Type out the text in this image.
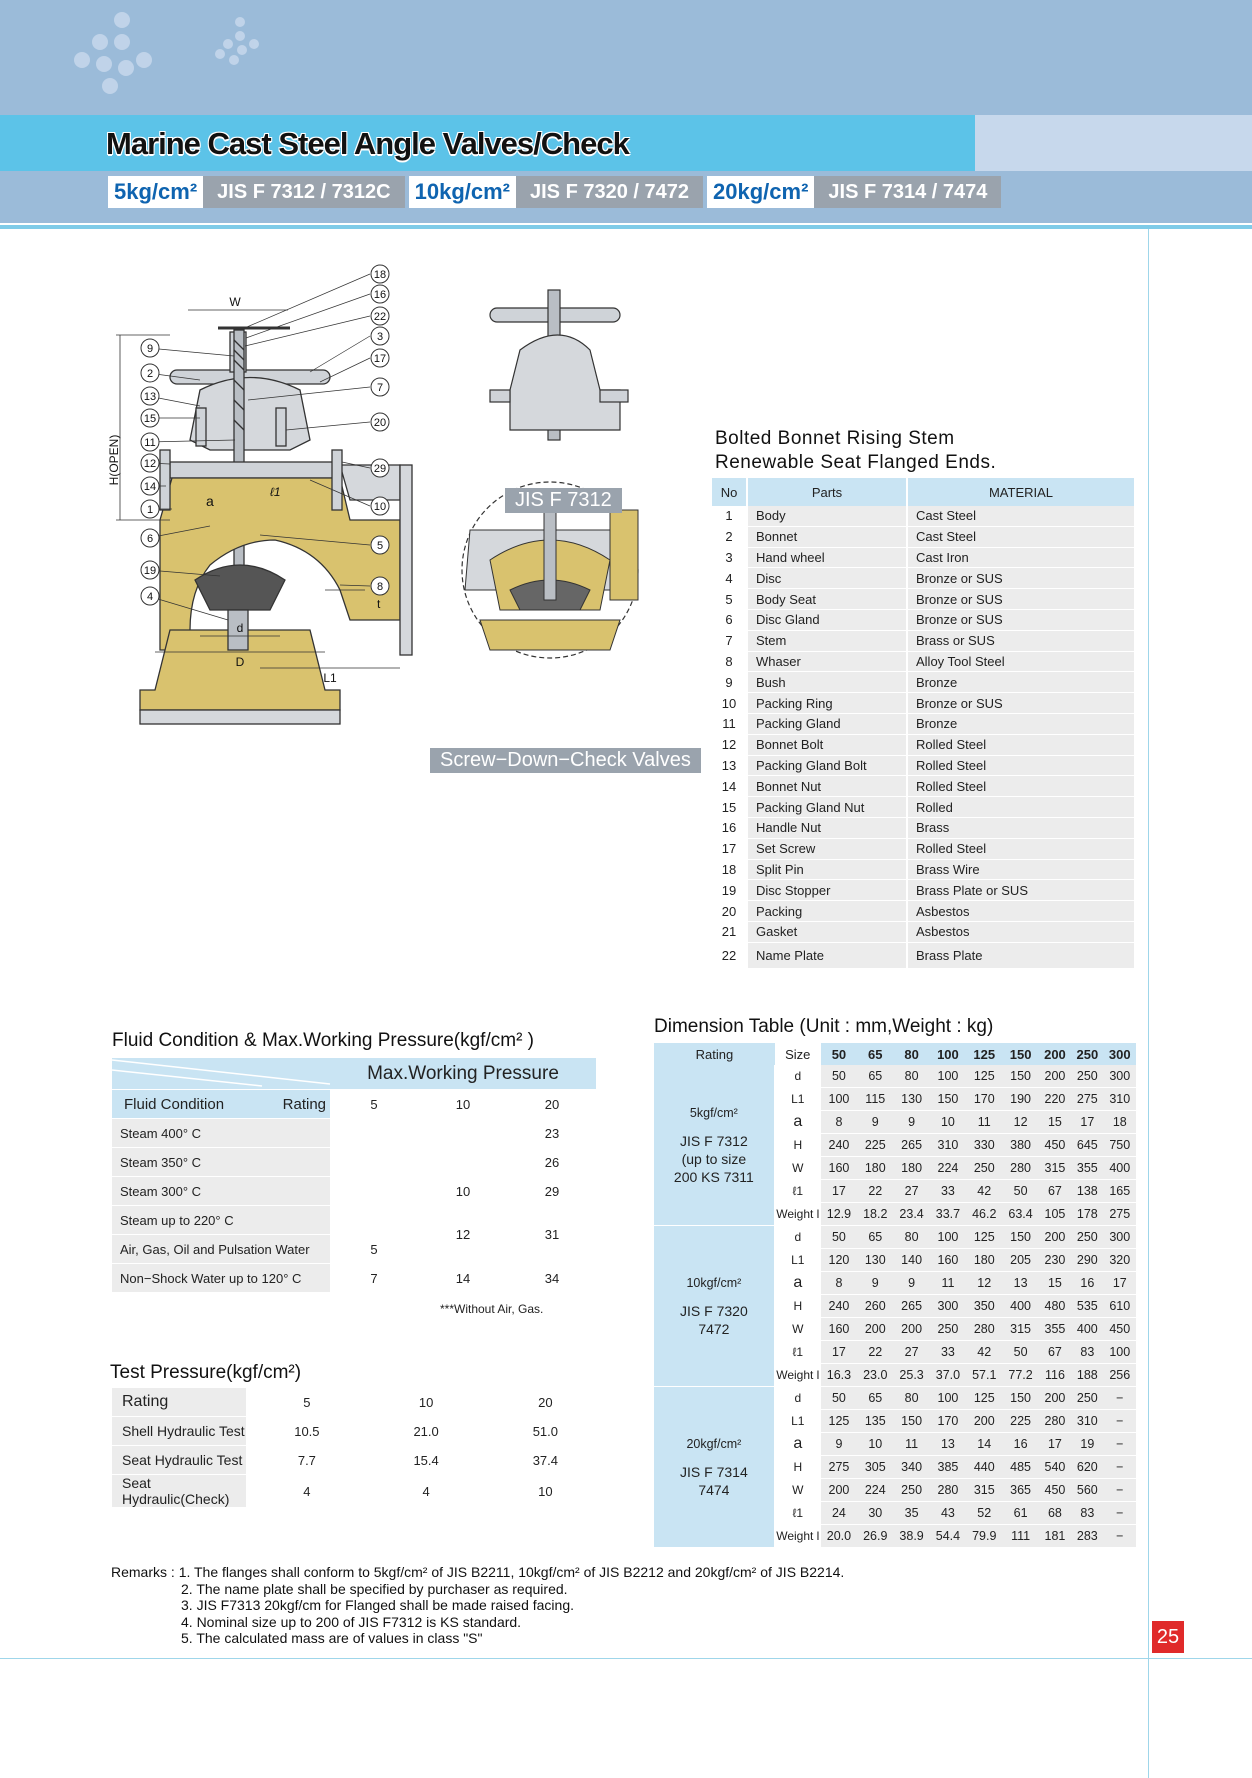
Marine Cast Steel Angle Valves/Check
5kg/cm²	JIS F 7312 / 7312C	10kg/cm²	JIS F 7320 / 7472	20kg/cm²	JIS F 7314 / 7474
25
18
16
22
3
17
7
20
29
10
5
8
9
2
13
15
11
12
14
1
6
19
4
W
H(OPEN)
a
ℓ1
d
D
L1
t
JIS F 7312
Screw−Down−Check Valves
Bolted Bonnet Rising Stem
Renewable Seat Flanged Ends.
No	Parts	MATERIAL
1	Body	Cast Steel
2	Bonnet	Cast Steel
3	Hand wheel	Cast Iron
4	Disc	Bronze or SUS
5	Body Seat	Bronze or SUS
6	Disc Gland	Bronze or SUS
7	Stem	Brass or SUS
8	Whaser	Alloy Tool Steel
9	Bush	Bronze
10	Packing Ring	Bronze or SUS
11	Packing Gland	Bronze
12	Bonnet Bolt	Rolled Steel
13	Packing Gland Bolt	Rolled Steel
14	Bonnet Nut	Rolled Steel
15	Packing Gland Nut	Rolled
16	Handle Nut	Brass
17	Set Screw	Rolled Steel
18	Split Pin	Brass Wire
19	Disc Stopper	Brass Plate or SUS
20	Packing	Asbestos
21	Gasket	Asbestos
22	Name Plate	Brass Plate
Fluid Condition & Max.Working Pressure(kgf/cm² )
	Max.Working Pressure		
Fluid Condition Rating	5	10	20
Steam 400° C			23
Steam 350° C			26
Steam 300° C		10	29
Steam up to 220° C		12	31
Air, Gas, Oil and Pulsation Water	5		
Non−Shock Water up to 120° C	7	14	34
***Without Air, Gas.
Test Pressure(kgf/cm²)
Rating	5	10	20
Shell Hydraulic Test	10.5	21.0	51.0
Seat Hydraulic Test	7.7	15.4	37.4
Seat Hydraulic(Check)	4	4	10
Dimension Table (Unit : mm,Weight : kg)
Rating	Size	50	65	80	100	125	150	200	250	300

5kgf/cm²
JIS F 7312
(up to size
200 KS 7311	d	50	65	80	100	125	150	200	250	300
	L1	100	115	130	150	170	190	220	275	310
	a	8	9	9	10	11	12	15	17	18
	H	240	225	265	310	330	380	450	645	750
	W	160	180	180	224	250	280	315	355	400
	ℓ1	17	22	27	33	42	50	67	138	165
	Weight l	12.9	18.2	23.4	33.7	46.2	63.4	105	178	275

10kgf/cm²
JIS F 7320
7472	d	50	65	80	100	125	150	200	250	300
	L1	120	130	140	160	180	205	230	290	320
	a	8	9	9	11	12	13	15	16	17
	H	240	260	265	300	350	400	480	535	610
	W	160	200	200	250	280	315	355	400	450
	ℓ1	17	22	27	33	42	50	67	83	100
	Weight l	16.3	23.0	25.3	37.0	57.1	77.2	116	188	256

20kgf/cm²
JIS F 7314
7474	d	50	65	80	100	125	150	200	250	−
	L1	125	135	150	170	200	225	280	310	−
	a	9	10	11	13	14	16	17	19	−
	H	275	305	340	385	440	485	540	620	−
	W	200	224	250	280	315	365	450	560	−
	ℓ1	24	30	35	43	52	61	68	83	−
	Weight l	20.0	26.9	38.9	54.4	79.9	111	181	283	−
Remarks : 1. The flanges shall conform to 5kgf/cm² of JIS B2211, 10kgf/cm² of JIS B2212 and 20kgf/cm² of JIS B2214.
2. The name plate shall be specified by purchaser as required.
3. JIS F7313 20kgf/cm for Flanged shall be made raised facing.
4. Nominal size up to 200 of JIS F7312 is KS standard.
5. The calculated mass are of values in class "S"
